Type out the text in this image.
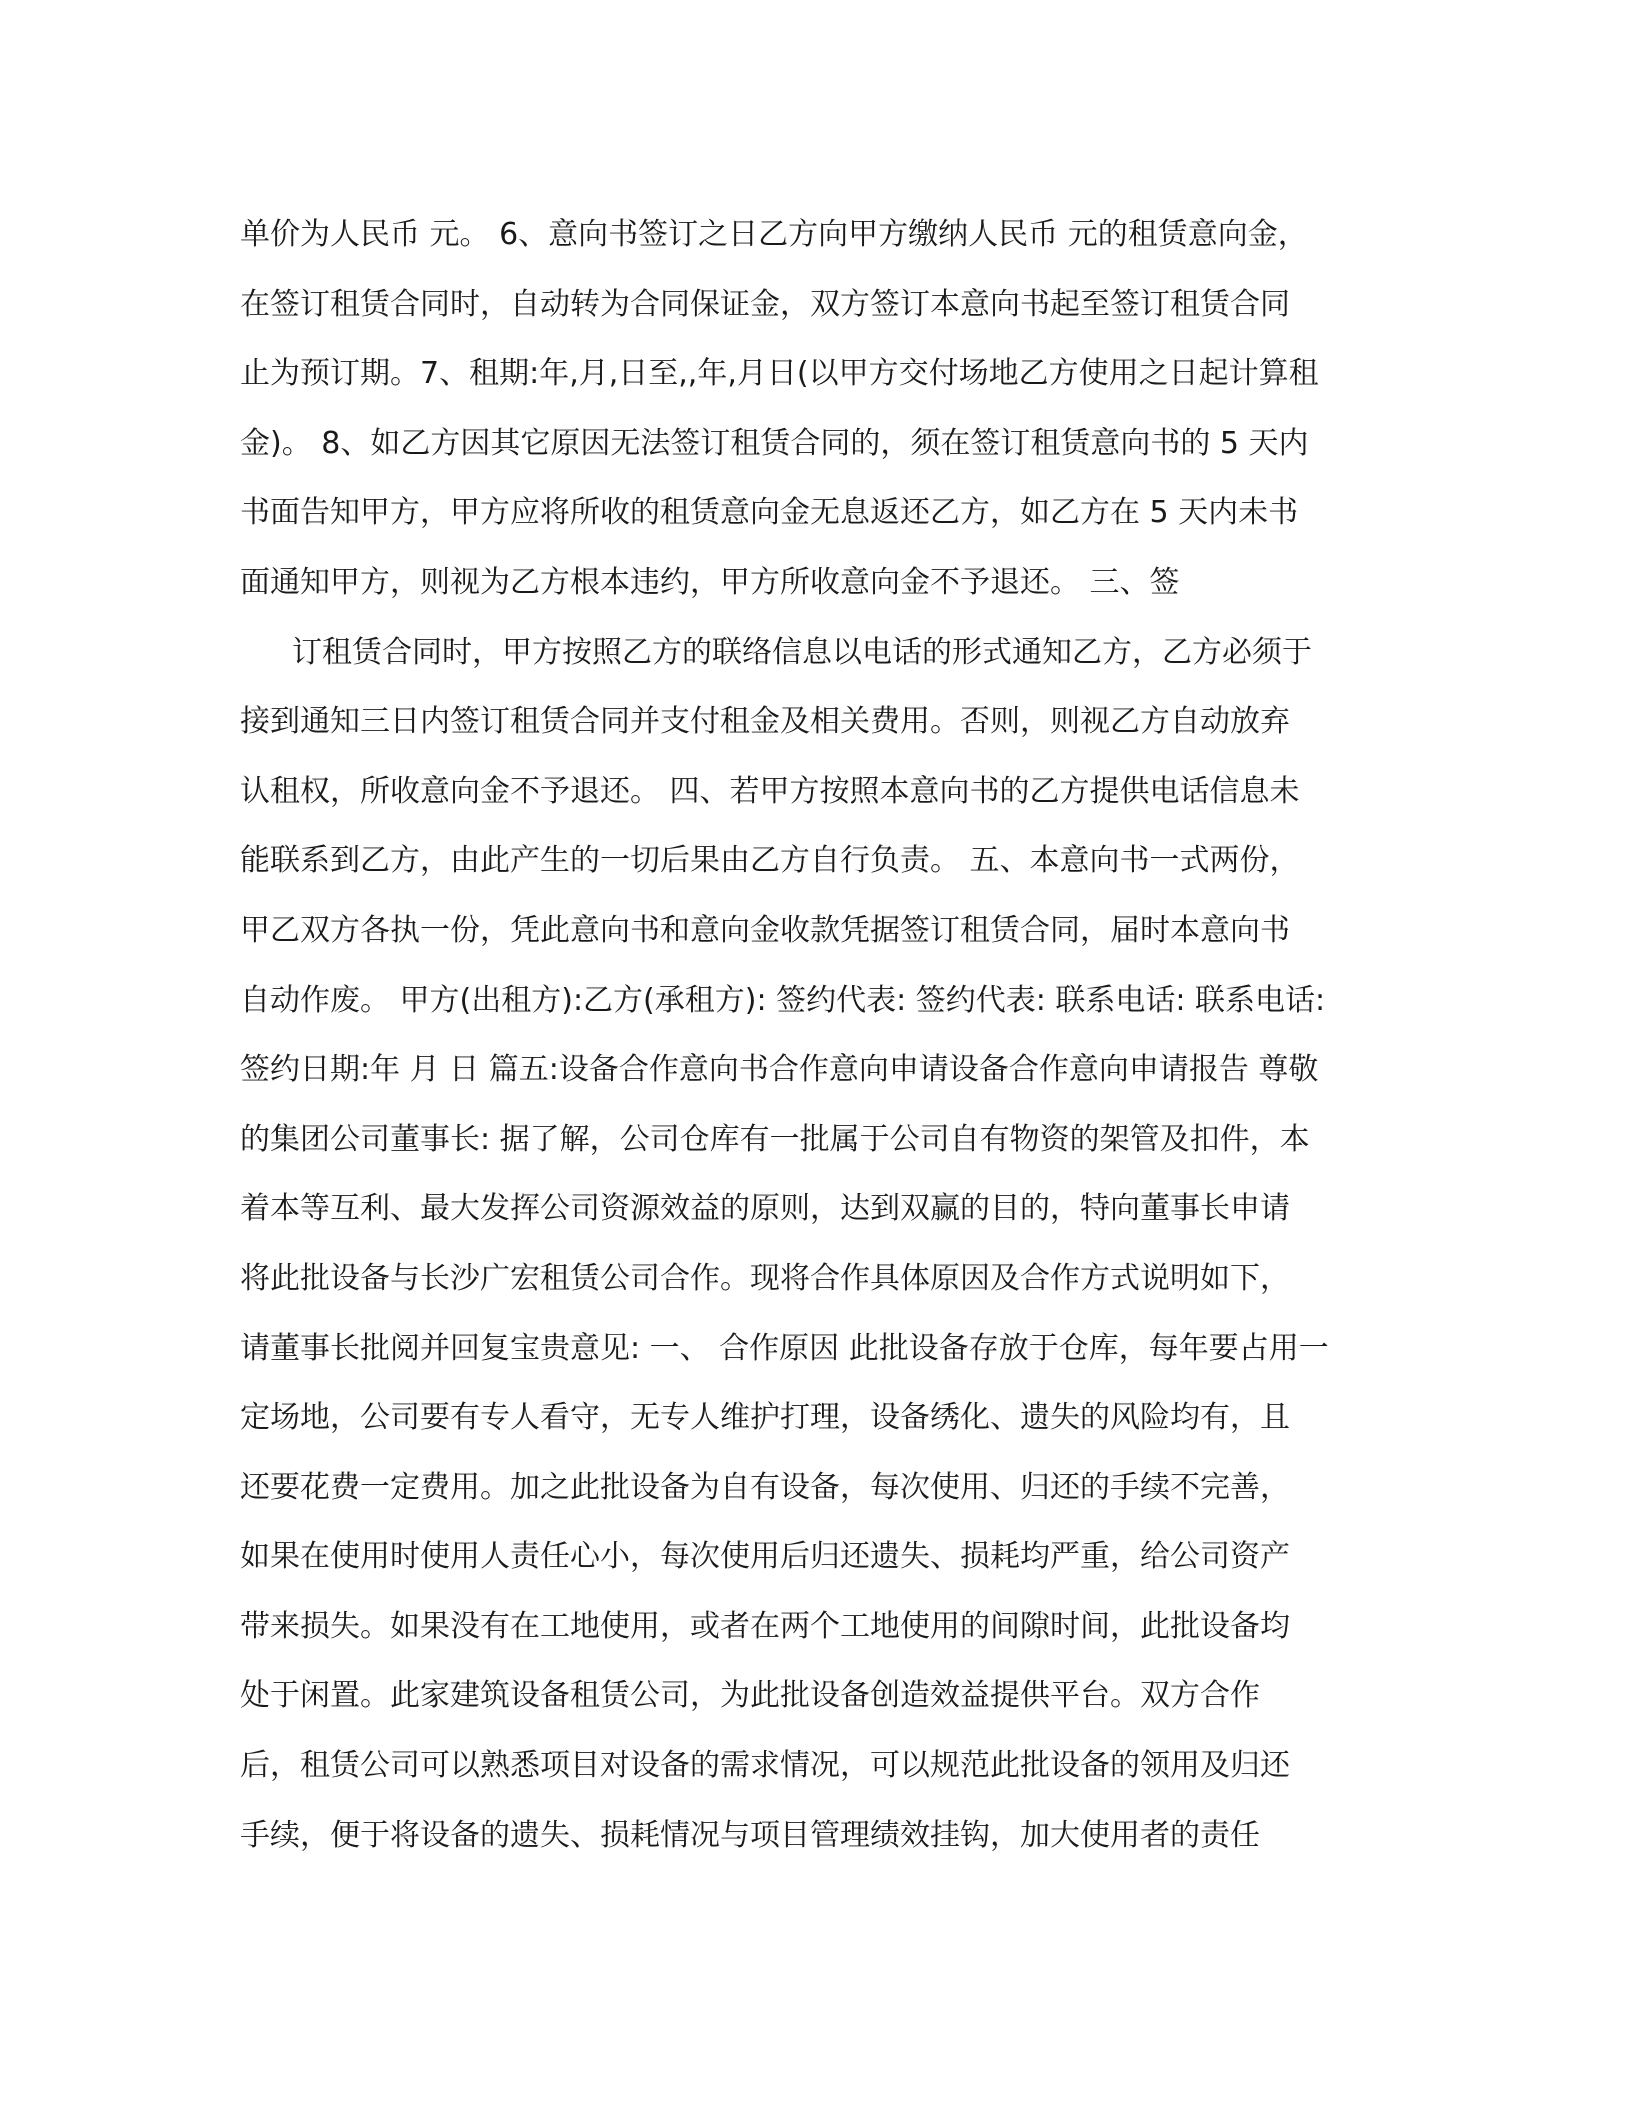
单价为人民币 元。 6、意向书签订之日乙方向甲方缴纳人民币 元的租赁意向金，
在签订租赁合同时，自动转为合同保证金，双方签订本意向书起至签订租赁合同
止为预订期。7、租期:年,月,日至,,年,月日(以甲方交付场地乙方使用之日起计算租
金)。 8、如乙方因其它原因无法签订租赁合同的，须在签订租赁意向书的 5 天内
书面告知甲方，甲方应将所收的租赁意向金无息返还乙方，如乙方在 5 天内未书
面通知甲方，则视为乙方根本违约，甲方所收意向金不予退还。 三、签
订租赁合同时，甲方按照乙方的联络信息以电话的形式通知乙方，乙方必须于
接到通知三日内签订租赁合同并支付租金及相关费用。否则，则视乙方自动放弃
认租权，所收意向金不予退还。 四、若甲方按照本意向书的乙方提供电话信息未
能联系到乙方，由此产生的一切后果由乙方自行负责。 五、本意向书一式两份，
甲乙双方各执一份，凭此意向书和意向金收款凭据签订租赁合同，届时本意向书
自动作废。 甲方(出租方):乙方(承租方): 签约代表: 签约代表: 联系电话: 联系电话:
签约日期:年 月 日 篇五:设备合作意向书合作意向申请设备合作意向申请报告 尊敬
的集团公司董事长: 据了解，公司仓库有一批属于公司自有物资的架管及扣件，本
着本等互利、最大发挥公司资源效益的原则，达到双赢的目的，特向董事长申请
将此批设备与长沙广宏租赁公司合作。现将合作具体原因及合作方式说明如下，
请董事长批阅并回复宝贵意见: 一、 合作原因 此批设备存放于仓库，每年要占用一
定场地，公司要有专人看守，无专人维护打理，设备绣化、遗失的风险均有，且
还要花费一定费用。加之此批设备为自有设备，每次使用、归还的手续不完善，
如果在使用时使用人责任心小，每次使用后归还遗失、损耗均严重，给公司资产
带来损失。如果没有在工地使用，或者在两个工地使用的间隙时间，此批设备均
处于闲置。此家建筑设备租赁公司，为此批设备创造效益提供平台。双方合作
后，租赁公司可以熟悉项目对设备的需求情况，可以规范此批设备的领用及归还
手续，便于将设备的遗失、损耗情况与项目管理绩效挂钩，加大使用者的责任
